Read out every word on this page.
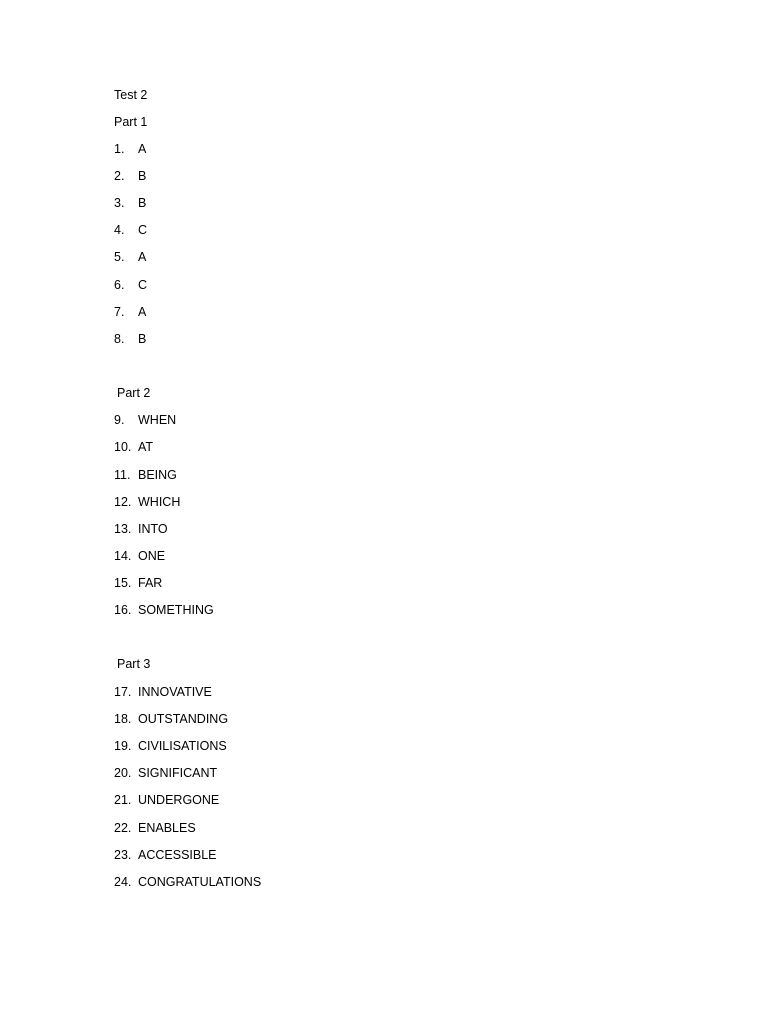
Test 2
Part 1
1.	A
2.	B
3.	B
4.	C
5.	A
6.	C
7.	A
8.	B
Part 2
9.	WHEN
10. AT
11. BEING
12. WHICH
13. INTO
14. ONE
15. FAR
16. SOMETHING
Part 3
17. INNOVATIVE
18. OUTSTANDING
19. CIVILISATIONS
20. SIGNIFICANT
21. UNDERGONE
22. ENABLES
23. ACCESSIBLE
24. CONGRATULATIONS
